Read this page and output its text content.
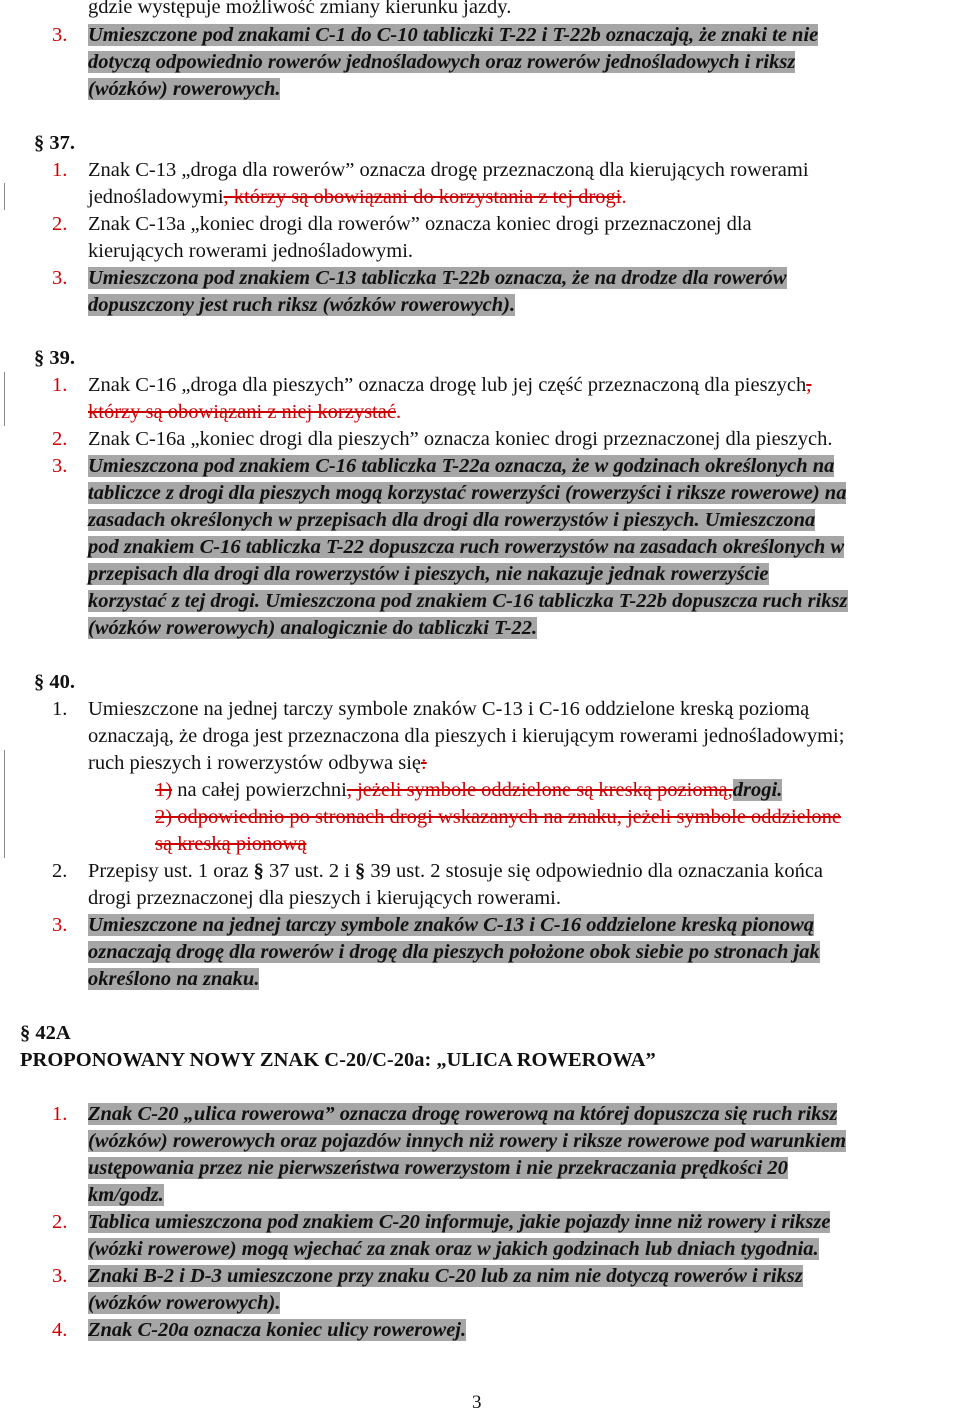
gdzie występuje możliwość zmiany kierunku jazdy.
3. Umieszczone pod znakami C-1 do C-10 tabliczki T-22 i T-22b oznaczają, że znaki te nie
dotyczą odpowiednio rowerów jednośladowych oraz rowerów jednośladowych i riksz
(wózków) rowerowych.
§ 37.
1. Znak C-13 „droga dla rowerów” oznacza drogę przeznaczoną dla kierujących rowerami
jednośladowymi, którzy są obowiązani do korzystania z tej drogi.
2. Znak C-13a „koniec drogi dla rowerów” oznacza koniec drogi przeznaczonej dla
kierujących rowerami jednośladowymi.
3. Umieszczona pod znakiem C-13 tabliczka T-22b oznacza, że na drodze dla rowerów
dopuszczony jest ruch riksz (wózków rowerowych).
§ 39.
1. Znak C-16 „droga dla pieszych” oznacza drogę lub jej część przeznaczoną dla pieszych,
którzy są obowiązani z niej korzystać.
2. Znak C-16a „koniec drogi dla pieszych” oznacza koniec drogi przeznaczonej dla pieszych.
3. Umieszczona pod znakiem C-16 tabliczka T-22a oznacza, że w godzinach określonych na
tabliczce z drogi dla pieszych mogą korzystać rowerzyści (rowerzyści i riksze rowerowe) na
zasadach określonych w przepisach dla drogi dla rowerzystów i pieszych. Umieszczona
pod znakiem C-16 tabliczka T-22 dopuszcza ruch rowerzystów na zasadach określonych w
przepisach dla drogi dla rowerzystów i pieszych, nie nakazuje jednak rowerzyście
korzystać z tej drogi. Umieszczona pod znakiem C-16 tabliczka T-22b dopuszcza ruch riksz
(wózków rowerowych) analogicznie do tabliczki T-22.
§ 40.
1. Umieszczone na jednej tarczy symbole znaków C-13 i C-16 oddzielone kreską poziomą
oznaczają, że droga jest przeznaczona dla pieszych i kierującym rowerami jednośladowymi;
ruch pieszych i rowerzystów odbywa się:
1) na całej powierzchni, jeżeli symbole oddzielone są kreską poziomą,drogi.
2) odpowiednio po stronach drogi wskazanych na znaku, jeżeli symbole oddzielone
są kreską pionową
2. Przepisy ust. 1 oraz § 37 ust. 2 i § 39 ust. 2 stosuje się odpowiednio dla oznaczania końca
drogi przeznaczonej dla pieszych i kierujących rowerami.
3. Umieszczone na jednej tarczy symbole znaków C-13 i C-16 oddzielone kreską pionową
oznaczają drogę dla rowerów i drogę dla pieszych położone obok siebie po stronach jak
określono na znaku.
§ 42A
PROPONOWANY NOWY ZNAK C-20/C-20a: „ULICA ROWEROWA”
1. Znak C-20 „ulica rowerowa” oznacza drogę rowerową na której dopuszcza się ruch riksz
(wózków) rowerowych oraz pojazdów innych niż rowery i riksze rowerowe pod warunkiem
ustępowania przez nie pierwszeństwa rowerzystom i nie przekraczania prędkości 20
km/godz.
2. Tablica umieszczona pod znakiem C-20 informuje, jakie pojazdy inne niż rowery i riksze
(wózki rowerowe) mogą wjechać za znak oraz w jakich godzinach lub dniach tygodnia.
3. Znaki B-2 i D-3 umieszczone przy znaku C-20 lub za nim nie dotyczą rowerów i riksz
(wózków rowerowych).
4. Znak C-20a oznacza koniec ulicy rowerowej.
3
